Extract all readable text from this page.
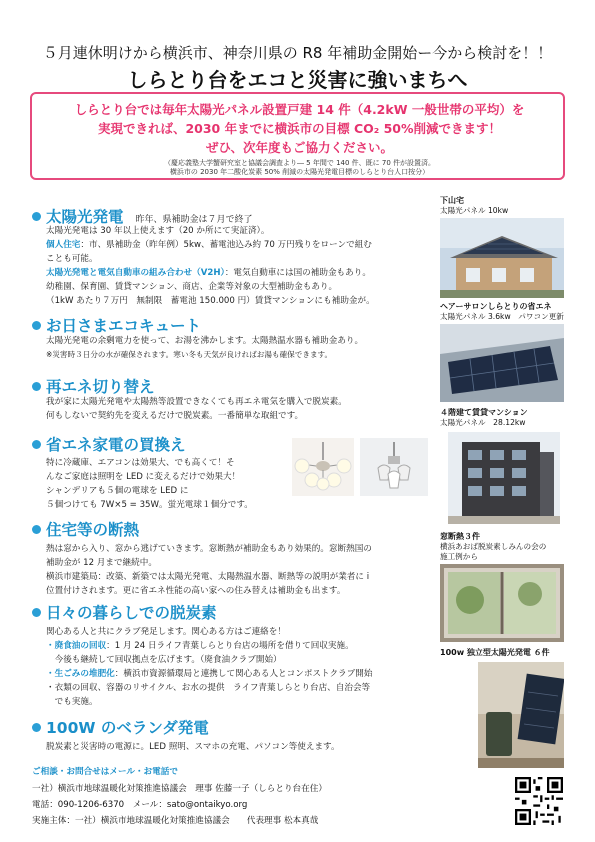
５月連休明けから横浜市、神奈川県の R8 年補助金開始ー今から検討を！！
しらとり台をエコと災害に強いまちへ
しらとり台では毎年太陽光パネル設置戸建 14 件（4.2kW 一般世帯の平均）を
実現できれば、2030 年までに横浜市の目標 CO₂ 50%削減できます！
ぜひ、次年度もご協力ください。
（慶応義塾大学蟹研究室と協議会調査より― 5 年間で 140 件、既に 70 件が設置済。
横浜市の 2030 年二酸化炭素 50% 削減の太陽光発電目標のしらとり台人口按分）
太陽光発電 昨年、県補助金は７月で終了
太陽光発電は 30 年以上使えます（20 か所にて実証済）。
個人住宅：市、県補助金（昨年例）5kw、蓄電池込み約 70 万円残りをローンで組む
ことも可能。
太陽光発電と電気自動車の組み合わせ（V2H）：電気自動車には国の補助金もあり。
幼稚園、保育園、賃貸マンション、商店、企業等対象の大型補助金もあり。
（1kW あたり７万円　無制限　蓄電池 150.000 円）賃貸マンションにも補助金が。
お日さまエコキュート
太陽光発電の余剰電力を使って、お湯を沸かします。太陽熱温水器も補助金あり。
※災害時３日分の水が確保されます。寒い冬も天気が良ければお湯も確保できます。
再エネ切り替え
我が家に太陽光発電や太陽熱等設置できなくても再エネ電気を購入で脱炭素。
何もしないで契約先を変えるだけで脱炭素。一番簡単な取組です。
省エネ家電の買換え
特に冷蔵庫、エアコンは効果大、でも高くて！そ
んなご家庭は照明を LED に変えるだけで効果大！
シャンデリアも５個の電球を LED に
５個つけても 7W×5 = 35W。蛍光電球１個分です。
住宅等の断熱
熱は窓から入り、窓から逃げていきます。窓断熱が補助金もあり効果的。窓断熱国の
補助金が 12 月まで継続中。
横浜市建築局：改築、新築では太陽光発電、太陽熱温水器、断熱等の説明が業者に i
位置付けされます。更に省エネ性能の高い家への住み替えは補助金も出ます。
日々の暮らしでの脱炭素
関心ある人と共にクラブ発足します。関心ある方はご連絡を！
・廃食油の回収：1 月 24 日ライフ青葉しらとり台店の場所を借りて回収実施。
　今後も継続して回収拠点を広げます。（廃食油クラブ開始）
・生ごみの堆肥化：横浜市資源循環局と連携して関心ある人とコンポストクラブ開始
・衣類の回収、容器のリサイクル、お水の提供　ライフ青葉しらとり台店、自治会等
　でも実施。
100W のベランダ発電
脱炭素と災害時の電源に。LED 照明、スマホの充電、パソコン等使えます。
下山宅
太陽光パネル 10kw
ヘアーサロンしらとりの省エネ
太陽光パネル 3.6kw　パワコン更新
４階建て賃貸マンション
太陽光パネル　28.12kw
窓断熱３件
横浜あおば脱炭素しみんの会の
施工例から
100w 独立型太陽光発電 ６件
ご相談・お問合せはメール・お電話で
一社）横浜市地球温暖化対策推進協議会　理事 佐藤一子（しらとり台在住）
電話：090-1206-6370　メール：sato@ontaikyo.org
実施主体：一社）横浜市地球温暖化対策推進協議会　　代表理事 松本真哉
